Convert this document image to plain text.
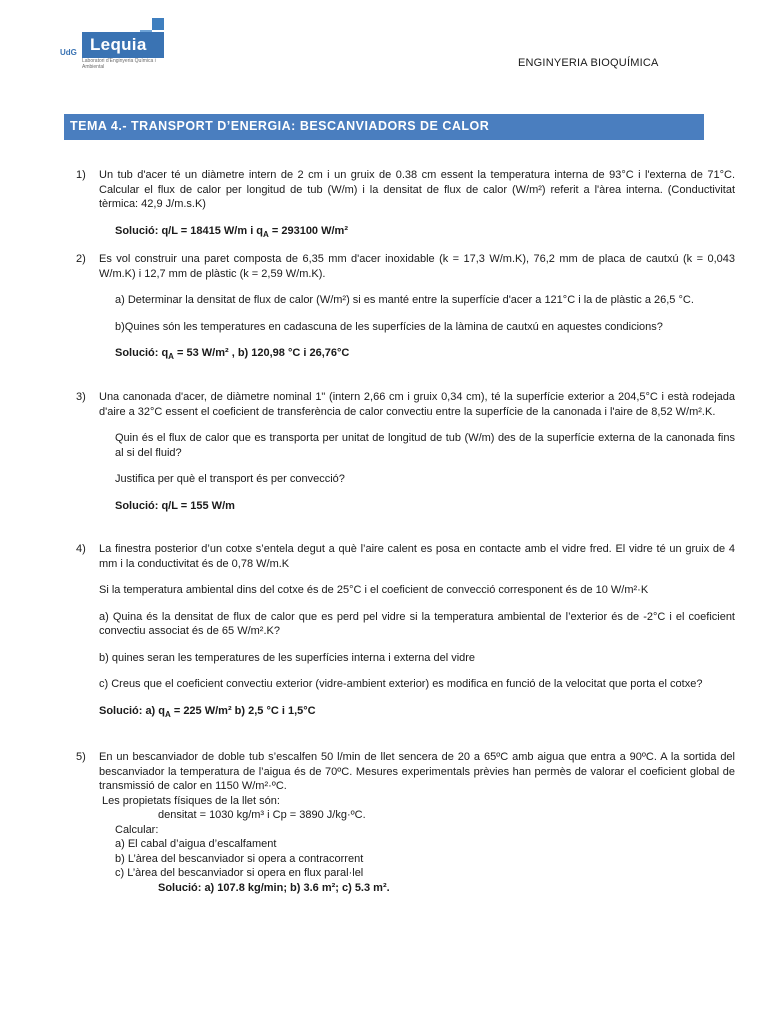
Lequia
UdG
Laboratori d'Enginyeria Química i Ambiental	ENGINYERIA BIOQUÍMICA
TEMA 4.- TRANSPORT D’ENERGIA: BESCANVIADORS DE CALOR
1) Un tub d'acer té un diàmetre intern de 2 cm i un gruix de 0.38 cm essent la temperatura interna de 93°C i l'externa de 71°C. Calcular el flux de calor per longitud de tub (W/m) i la densitat de flux de calor (W/m²) referit a l'àrea interna. (Conductivitat tèrmica: 42,9 J/m.s.K)

Solució: q/L = 18415 W/m i $q_A = 293100$ W/m²

2) Es vol construir una paret composta de 6,35 mm d'acer inoxidable (k = 17,3 W/m.K), 76,2 mm de placa de cautxú (k = 0,043 W/m.K) i 12,7 mm de plàstic (k = 2,59 W/m.K).

a) Determinar la densitat de flux de calor (W/m²) si es manté entre la superfície d'acer a 121°C i la de plàstic a 26,5 °C.

b)Quines són les temperatures en cadascuna de les superfícies de la làmina de cautxú en aquestes condicions?

Solució: $q_A = 53$ W/m² , b) 120,98 °C i 26,76°C

3) Una canonada d'acer, de diàmetre nominal 1" (intern 2,66 cm i gruix 0,34 cm), té la superfície exterior a 204,5°C i està rodejada d'aire a 32°C essent el coeficient de transferència de calor convectiu entre la superfície de la canonada i l'aire de 8,52 W/m².K.

Quin és el flux de calor que es transporta per unitat de longitud de tub (W/m) des de la superfície externa de la canonada fins al si del fluid?

Justifica per què el transport és per convecció?

Solució: q/L = 155 W/m

4) La finestra posterior d’un cotxe s’entela degut a què l’aire calent es posa en contacte amb el vidre fred. El vidre té un gruix de 4 mm i la conductivitat és de 0,78 W/m.K

Si la temperatura ambiental dins del cotxe és de 25°C i el coeficient de convecció corresponent és de 10 W/m²·K

a) Quina és la densitat de flux de calor que es perd pel vidre si la temperatura ambiental de l’exterior és de -2°C i el coeficient convectiu associat és de 65 W/m².K?

b) quines seran les temperatures de les superfícies interna i externa del vidre

c) Creus que el coeficient convectiu exterior (vidre-ambient exterior) es modifica en funció de la velocitat que porta el cotxe?

Solució: a) $q_A = 225$ W/m² b) 2,5 °C i 1,5°C

5) En un bescanviador de doble tub s’escalfen 50 l/min de llet sencera de 20 a 65ºC amb aigua que entra a 90ºC. A la sortida del bescanviador la temperatura de l’aigua és de 70ºC. Mesures experimentals prèvies han permès de valorar el coeficient global de transmissió de calor en 1150 W/m²·ºC.

Les propietats físiques de la llet són:
densitat = 1030 kg/m³ i Cp = 3890 J/kg·ºC.
Calcular:
a) El cabal d’aigua d’escalfament
b) L’àrea del bescanviador si opera a contracorrent
c) L’àrea del bescanviador si opera en flux paral·lel
Solució: a) 107.8 kg/min; b) 3.6 m²; c) 5.3 m².
